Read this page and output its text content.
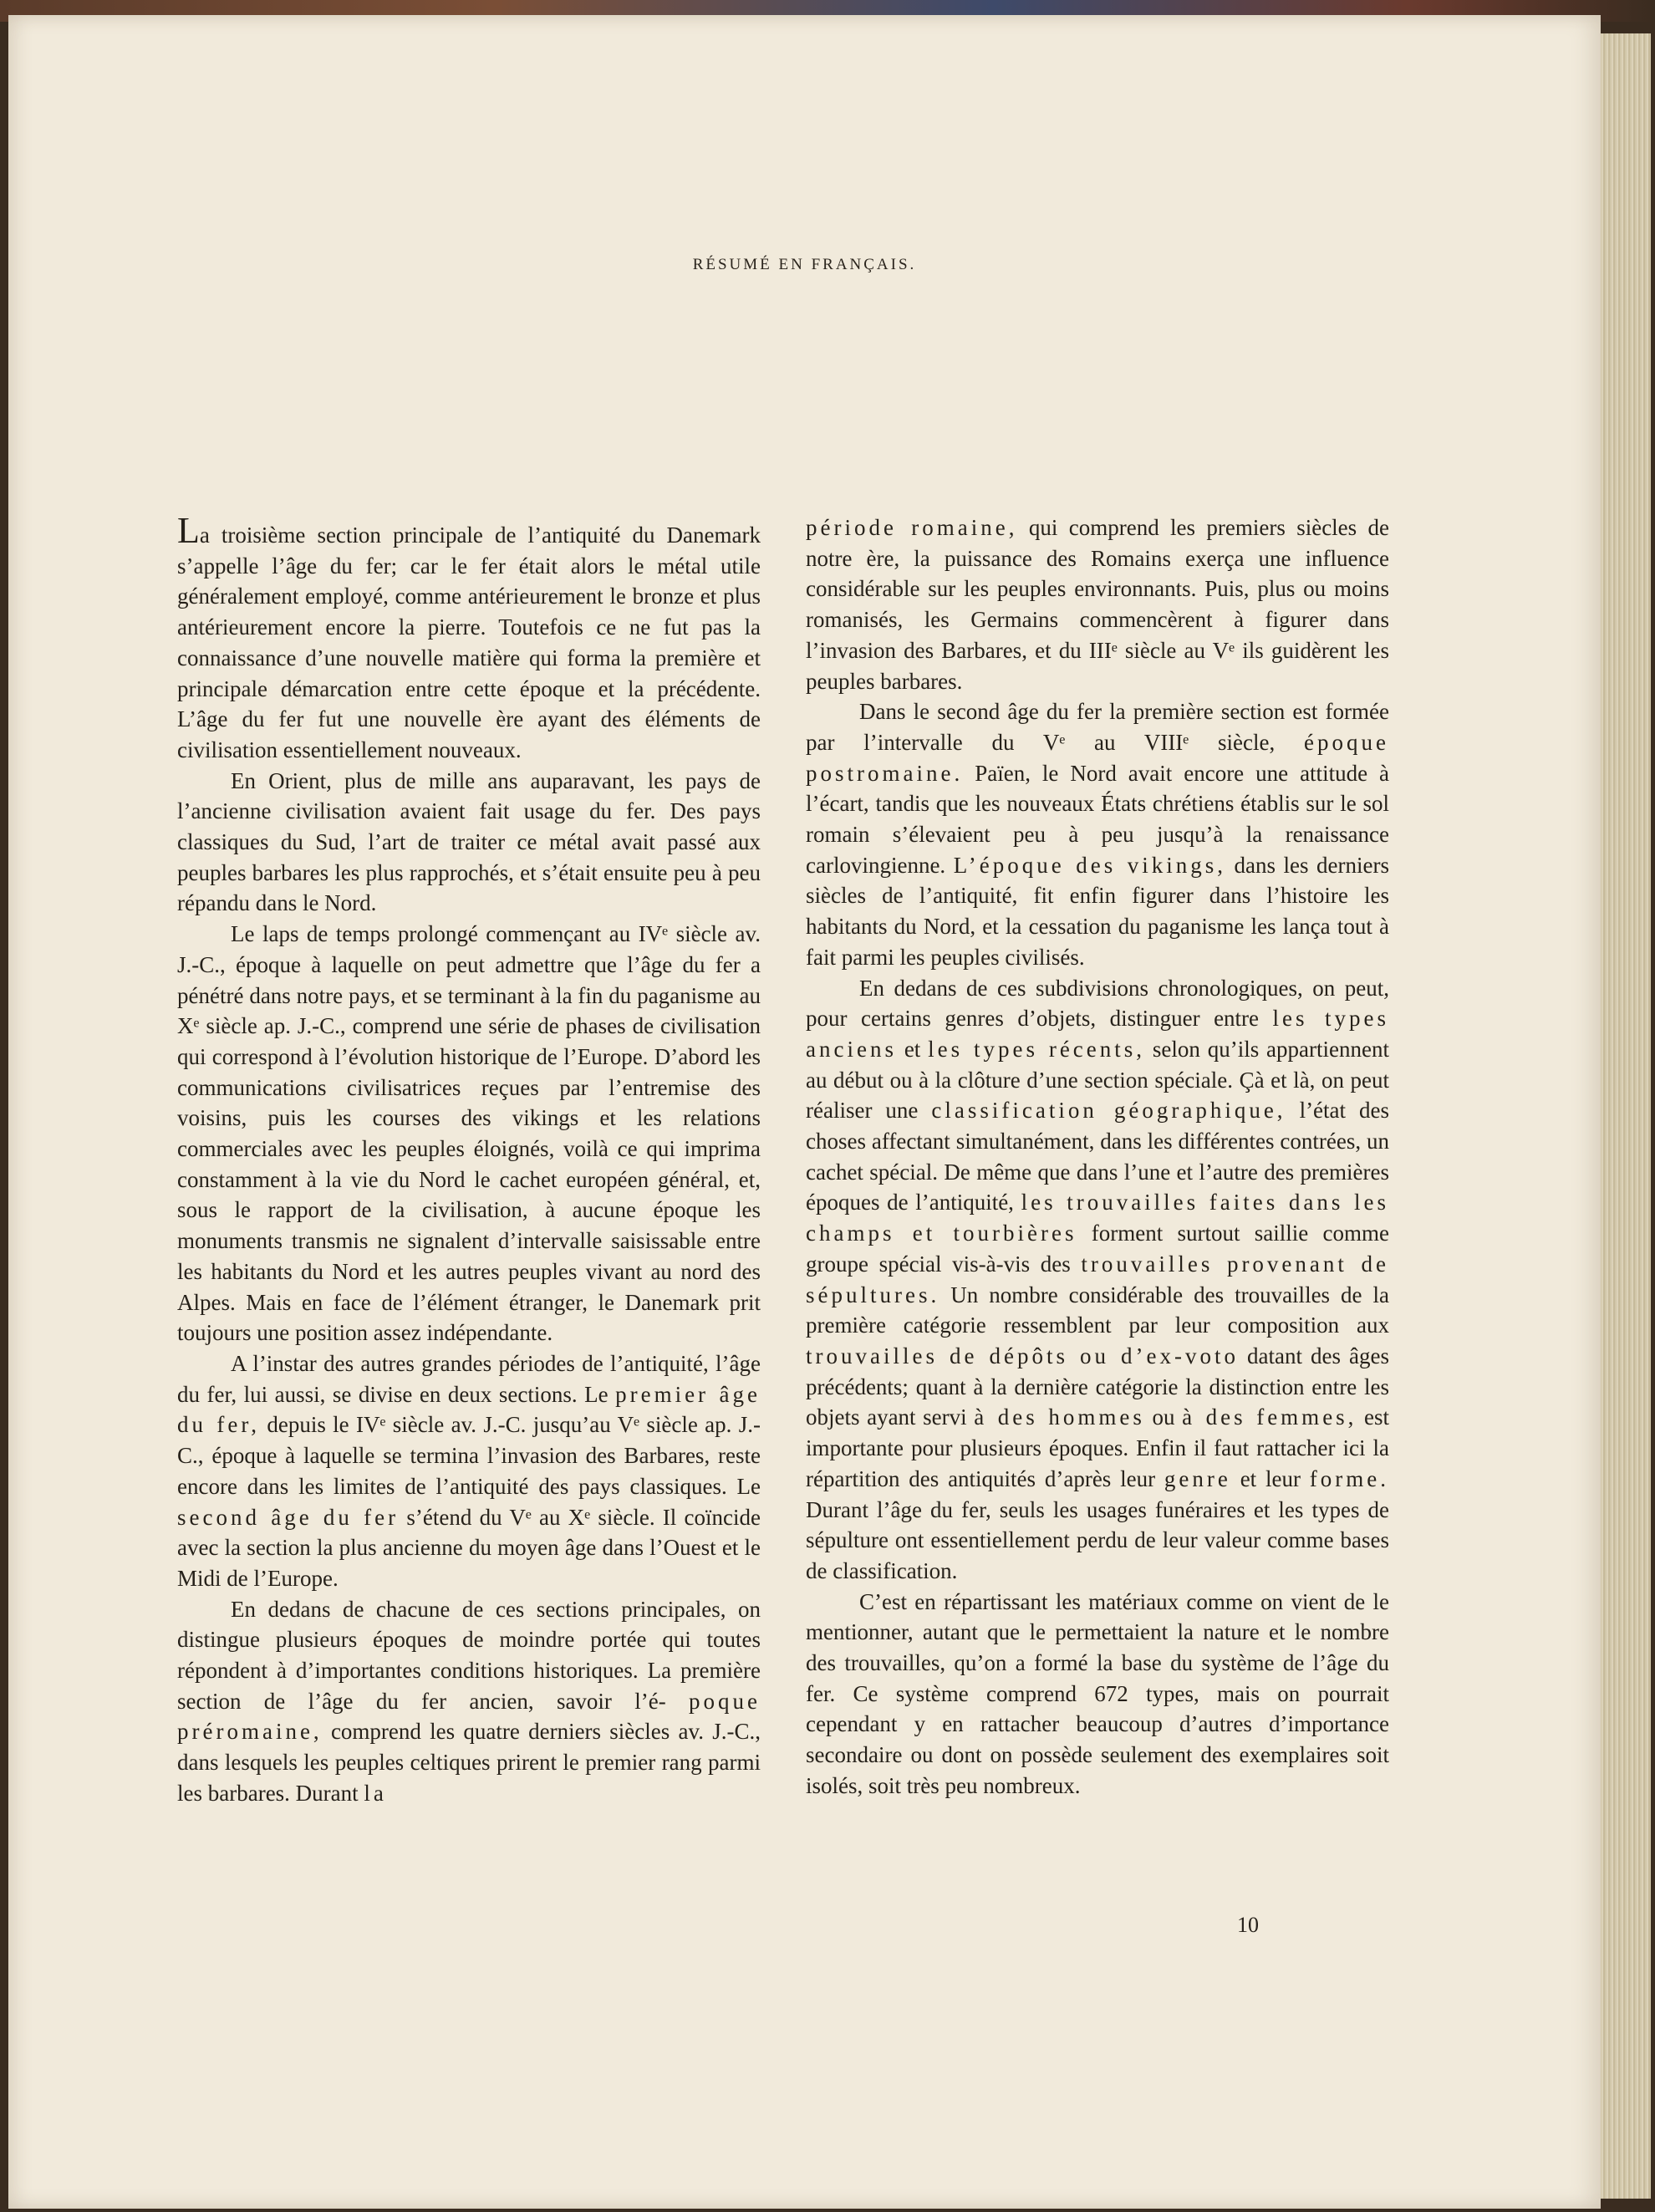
RÉSUMÉ EN FRANÇAIS.

La troisième section principale de l’antiquité du Danemark s’appelle l’âge du fer; car le fer était alors le métal utile généralement employé, comme antérieurement le bronze et plus antérieurement encore la pierre. Toutefois ce ne fut pas la connaissance d’une nouvelle matière qui forma la première et principale démarcation entre cette époque et la précédente. L’âge du fer fut une nouvelle ère ayant des éléments de civilisation essentiellement nouveaux.

En Orient, plus de mille ans auparavant, les pays de l’ancienne civilisation avaient fait usage du fer. Des pays classiques du Sud, l’art de traiter ce métal avait passé aux peuples barbares les plus rapprochés, et s’était ensuite peu à peu répandu dans le Nord.

Le laps de temps prolongé commençant au IVᵉ siècle av. J.-C., époque à laquelle on peut admettre que l’âge du fer a pénétré dans notre pays, et se terminant à la fin du paganisme au Xᵉ siècle ap. J.-C., comprend une série de phases de civilisation qui correspond à l’évolution historique de l’Europe. D’abord les communications civilisatrices reçues par l’entremise des voisins, puis les courses des vikings et les relations commerciales avec les peuples éloignés, voilà ce qui imprima constamment à la vie du Nord le cachet européen général, et, sous le rapport de la civilisation, à aucune époque les monuments transmis ne signalent d’intervalle saisissable entre les habitants du Nord et les autres peuples vivant au nord des Alpes. Mais en face de l’élément étranger, le Danemark prit toujours une position assez indépendante.

A l’instar des autres grandes périodes de l’antiquité, l’âge du fer, lui aussi, se divise en deux sections. Le premier âge du fer, depuis le IVᵉ siècle av. J.-C. jusqu’au Vᵉ siècle ap. J.-C., époque à laquelle se termina l’invasion des Barbares, reste encore dans les limites de l’antiquité des pays classiques. Le second âge du fer s’étend du Vᵉ au Xᵉ siècle. Il coïncide avec la section la plus ancienne du moyen âge dans l’Ouest et le Midi de l’Europe.

En dedans de chacune de ces sections principales, on distingue plusieurs époques de moindre portée qui toutes répondent à d’importantes conditions historiques. La première section de l’âge du fer ancien, savoir l’é- poque préromaine, comprend les quatre derniers siècles av. J.-C., dans lesquels les peuples celtiques prirent le premier rang parmi les barbares. Durant la

période romaine, qui comprend les premiers siècles de notre ère, la puissance des Romains exerça une influence considérable sur les peuples environnants. Puis, plus ou moins romanisés, les Germains commencèrent à figurer dans l’invasion des Barbares, et du IIIᵉ siècle au Vᵉ ils guidèrent les peuples barbares.

Dans le second âge du fer la première section est formée par l’intervalle du Vᵉ au VIIIᵉ siècle, époque postromaine. Païen, le Nord avait encore une attitude à l’écart, tandis que les nouveaux États chrétiens établis sur le sol romain s’élevaient peu à peu jusqu’à la renaissance carlovingienne. L’époque des vikings, dans les derniers siècles de l’antiquité, fit enfin figurer dans l’histoire les habitants du Nord, et la cessation du paganisme les lança tout à fait parmi les peuples civilisés.

En dedans de ces subdivisions chronologiques, on peut, pour certains genres d’objets, distinguer entre les types anciens et les types récents, selon qu’ils appartiennent au début ou à la clôture d’une section spéciale. Çà et là, on peut réaliser une classification géographique, l’état des choses affectant simultanément, dans les différentes contrées, un cachet spécial. De même que dans l’une et l’autre des premières époques de l’antiquité, les trouvailles faites dans les champs et tourbières forment surtout saillie comme groupe spécial vis-à-vis des trouvailles provenant de sépultures. Un nombre considérable des trouvailles de la première catégorie ressemblent par leur composition aux trouvailles de dépôts ou d’ex-voto datant des âges précédents; quant à la dernière catégorie la distinction entre les objets ayant servi à des hommes ou à des femmes, est importante pour plusieurs époques. Enfin il faut rattacher ici la répartition des antiquités d’après leur genre et leur forme. Durant l’âge du fer, seuls les usages funéraires et les types de sépulture ont essentiellement perdu de leur valeur comme bases de classification.

C’est en répartissant les matériaux comme on vient de le mentionner, autant que le permettaient la nature et le nombre des trouvailles, qu’on a formé la base du système de l’âge du fer. Ce système comprend 672 types, mais on pourrait cependant y en rattacher beaucoup d’autres d’importance secondaire ou dont on possède seulement des exemplaires soit isolés, soit très peu nombreux.

10
